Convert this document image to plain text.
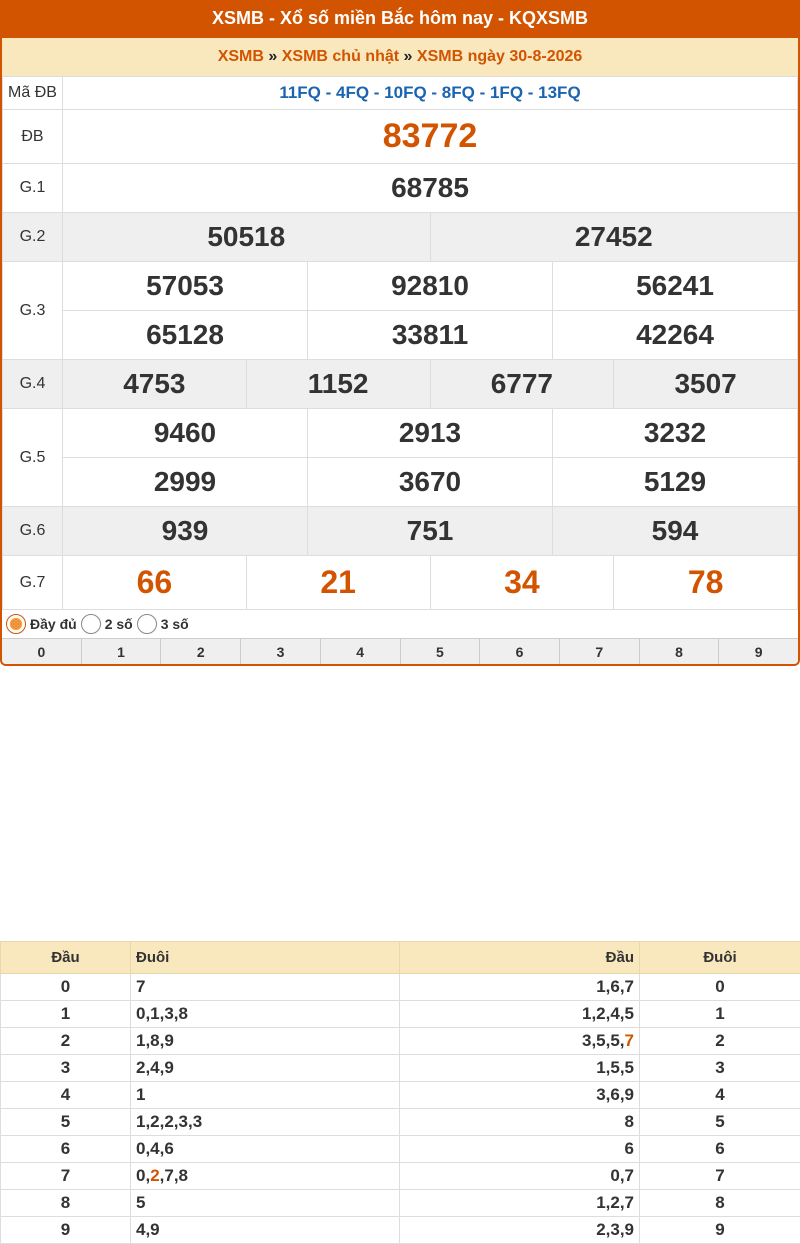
XSMB - Xổ số miền Bắc hôm nay - KQXSMB
XSMB » XSMB chủ nhật » XSMB ngày 30-8-2026
Mã ĐB	11FQ - 4FQ - 10FQ - 8FQ - 1FQ - 13FQ					
ĐB	83772					
G.1	68785					
G.2	50518			27452		
G.3	57053		92810		56241	
	65128		33811		42264	
G.4	4753	1152		6777		3507
G.5	9460		2913		3232	
	2999		3670		5129	
G.6	939		751		594	
G.7	66	21		34		78
Đầy đủ 2 số 3 số
0	1	2	3	4	5	6	7	8	9
Đầu	Đuôi	Đầu	Đuôi
0	7	1,6,7	0
1	0,1,3,8	1,2,4,5	1
2	1,8,9	3,5,5,7	2
3	2,4,9	1,5,5	3
4	1	3,6,9	4
5	1,2,2,3,3	8	5
6	0,4,6	6	6
7	0,2,7,8	0,7	7
8	5	1,2,7	8
9	4,9	2,3,9	9
